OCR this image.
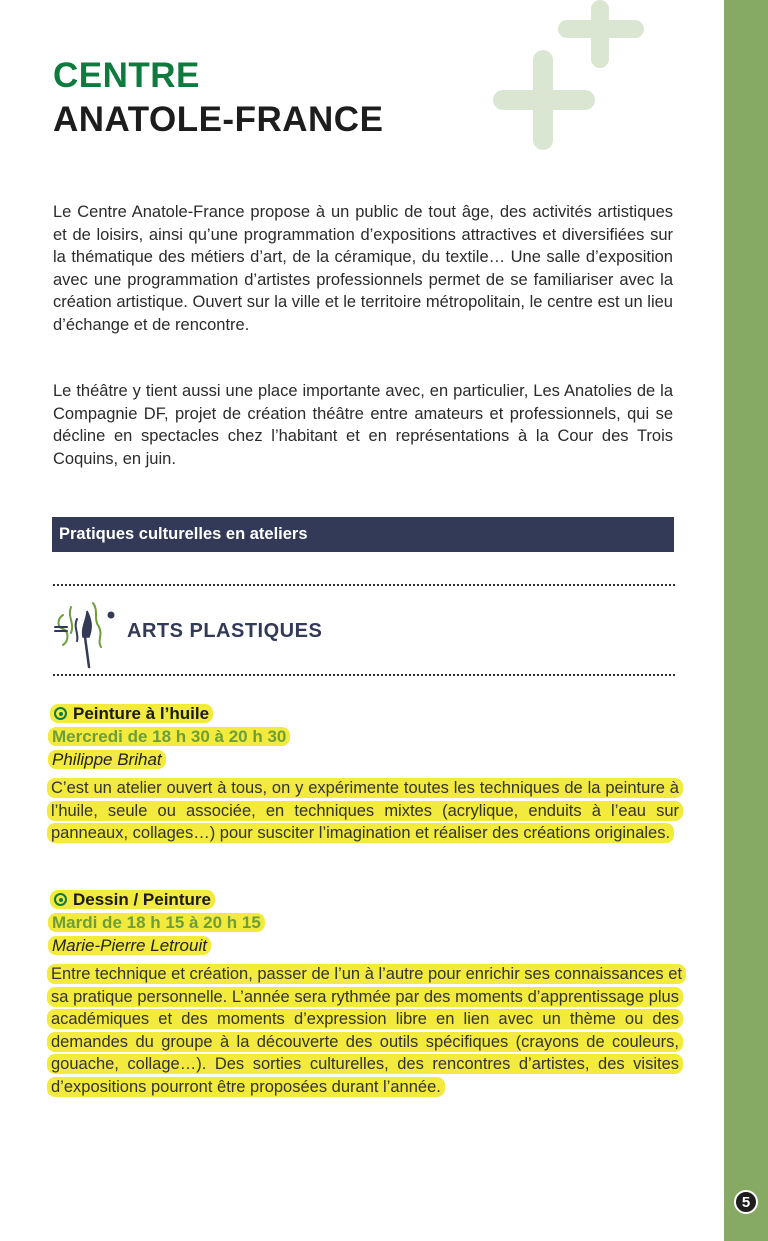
5
CENTRE
ANATOLE-FRANCE

Le Centre Anatole-France propose à un public de tout âge, des activités artistiques et de loisirs, ainsi qu’une programmation d’expositions attractives et diversifiées sur la thématique des métiers d’art, de la céramique, du textile… Une salle d’exposition avec une programmation d’artistes professionnels permet de se familiariser avec la création artistique. Ouvert sur la ville et le territoire métropolitain, le centre est un lieu d’échange et de rencontre.

Le théâtre y tient aussi une place importante avec, en particulier, Les Anatolies de la Compagnie DF, projet de création théâtre entre amateurs et professionnels, qui se décline en spectacles chez l’habitant et en représentations à la Cour des Trois Coquins, en juin.

Pratiques culturelles en ateliers
ARTS PLASTIQUES
Peinture à l’huile
Mercredi de 18 h 30 à 20 h 30
Philippe Brihat

C’est un atelier ouvert à tous, on y expérimente toutes les techniques de la peinture à l’huile, seule ou associée, en techniques mixtes (acrylique, enduits à l’eau sur panneaux, collages…) pour susciter l’imagination et réaliser des créations originales.

Dessin / Peinture
Mardi de 18 h 15 à 20 h 15
Marie-Pierre Letrouit

Entre technique et création, passer de l’un à l’autre pour enrichir ses connaissances et sa pratique personnelle. L’année sera rythmée par des moments d’apprentissage plus académiques et des moments d’expression libre en lien avec un thème ou des demandes du groupe à la découverte des outils spécifiques (crayons de couleurs, gouache, collage…). Des sorties culturelles, des rencontres d’artistes, des visites d’expositions pourront être proposées durant l’année.
